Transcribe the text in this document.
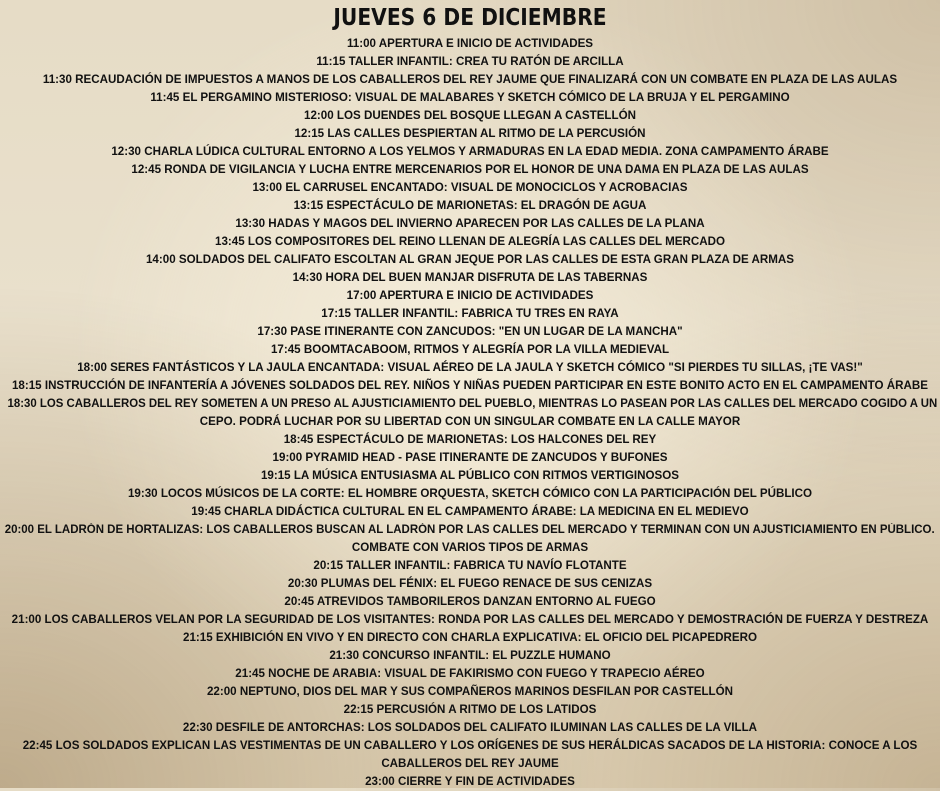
JUEVES 6 DE DICIEMBRE
11:00 APERTURA E INICIO DE ACTIVIDADES
11:15 TALLER INFANTIL: CREA TU RATÓN DE ARCILLA
11:30 RECAUDACIÓN DE IMPUESTOS A MANOS DE LOS CABALLEROS DEL REY JAUME QUE FINALIZARÁ CON UN COMBATE EN PLAZA DE LAS AULAS
11:45 EL PERGAMINO MISTERIOSO: VISUAL DE MALABARES Y SKETCH CÓMICO DE LA BRUJA Y EL PERGAMINO
12:00 LOS DUENDES DEL BOSQUE LLEGAN A CASTELLÓN
12:15 LAS CALLES DESPIERTAN AL RITMO DE LA PERCUSIÓN
12:30 CHARLA LÚDICA CULTURAL ENTORNO A LOS YELMOS Y ARMADURAS EN LA EDAD MEDIA. ZONA CAMPAMENTO ÁRABE
12:45 RONDA DE VIGILANCIA Y LUCHA ENTRE MERCENARIOS POR EL HONOR DE UNA DAMA EN PLAZA DE LAS AULAS
13:00 EL CARRUSEL ENCANTADO: VISUAL DE MONOCICLOS Y ACROBACIAS
13:15 ESPECTÁCULO DE MARIONETAS: EL DRAGÓN DE AGUA
13:30 HADAS Y MAGOS DEL INVIERNO APARECEN POR LAS CALLES DE LA PLANA
13:45 LOS COMPOSITORES DEL REINO LLENAN DE ALEGRÍA LAS CALLES DEL MERCADO
14:00 SOLDADOS DEL CALIFATO ESCOLTAN AL GRAN JEQUE POR LAS CALLES DE ESTA GRAN PLAZA DE ARMAS
14:30 HORA DEL BUEN MANJAR DISFRUTA DE LAS TABERNAS
17:00 APERTURA E INICIO DE ACTIVIDADES
17:15 TALLER INFANTIL: FABRICA TU TRES EN RAYA
17:30 PASE ITINERANTE CON ZANCUDOS: "EN UN LUGAR DE LA MANCHA"
17:45 BOOMTACABOOM, RITMOS Y ALEGRÍA POR LA VILLA MEDIEVAL
18:00 SERES FANTÁSTICOS Y LA JAULA ENCANTADA: VISUAL AÉREO DE LA JAULA Y SKETCH CÓMICO "SI PIERDES TU SILLAS, ¡TE VAS!"
18:15 INSTRUCCIÓN DE INFANTERÍA A JÓVENES SOLDADOS DEL REY. NIÑOS Y NIÑAS PUEDEN PARTICIPAR EN ESTE BONITO ACTO EN EL CAMPAMENTO ÁRABE
18:30 LOS CABALLEROS DEL REY SOMETEN A UN PRESO AL AJUSTICIAMIENTO DEL PUEBLO, MIENTRAS LO PASEAN POR LAS CALLES DEL MERCADO COGIDO A UN
CEPO. PODRÁ LUCHAR POR SU LIBERTAD CON UN SINGULAR COMBATE EN LA CALLE MAYOR
18:45 ESPECTÁCULO DE MARIONETAS: LOS HALCONES DEL REY
19:00 PYRAMID HEAD - PASE ITINERANTE DE ZANCUDOS Y BUFONES
19:15 LA MÚSICA ENTUSIASMA AL PÚBLICO CON RITMOS VERTIGINOSOS
19:30 LOCOS MÚSICOS DE LA CORTE: EL HOMBRE ORQUESTA, SKETCH CÓMICO CON LA PARTICIPACIÓN DEL PÚBLICO
19:45 CHARLA DIDÁCTICA CULTURAL EN EL CAMPAMENTO ÁRABE: LA MEDICINA EN EL MEDIEVO
20:00 EL LADRÓN DE HORTALIZAS: LOS CABALLEROS BUSCAN AL LADRÓN POR LAS CALLES DEL MERCADO Y TERMINAN CON UN AJUSTICIAMIENTO EN PÚBLICO.
COMBATE CON VARIOS TIPOS DE ARMAS
20:15 TALLER INFANTIL: FABRICA TU NAVÍO FLOTANTE
20:30 PLUMAS DEL FÉNIX: EL FUEGO RENACE DE SUS CENIZAS
20:45 ATREVIDOS TAMBORILEROS DANZAN ENTORNO AL FUEGO
21:00 LOS CABALLEROS VELAN POR LA SEGURIDAD DE LOS VISITANTES: RONDA POR LAS CALLES DEL MERCADO Y DEMOSTRACIÓN DE FUERZA Y DESTREZA
21:15 EXHIBICIÓN EN VIVO Y EN DIRECTO CON CHARLA EXPLICATIVA: EL OFICIO DEL PICAPEDRERO
21:30 CONCURSO INFANTIL: EL PUZZLE HUMANO
21:45 NOCHE DE ARABIA: VISUAL DE FAKIRISMO CON FUEGO Y TRAPECIO AÉREO
22:00 NEPTUNO, DIOS DEL MAR Y SUS COMPAÑEROS MARINOS DESFILAN POR CASTELLÓN
22:15 PERCUSIÓN A RITMO DE LOS LATIDOS
22:30 DESFILE DE ANTORCHAS: LOS SOLDADOS DEL CALIFATO ILUMINAN LAS CALLES DE LA VILLA
22:45 LOS SOLDADOS EXPLICAN LAS VESTIMENTAS DE UN CABALLERO Y LOS ORÍGENES DE SUS HERÁLDICAS SACADOS DE LA HISTORIA: CONOCE A LOS
CABALLEROS DEL REY JAUME
23:00 CIERRE Y FIN DE ACTIVIDADES
